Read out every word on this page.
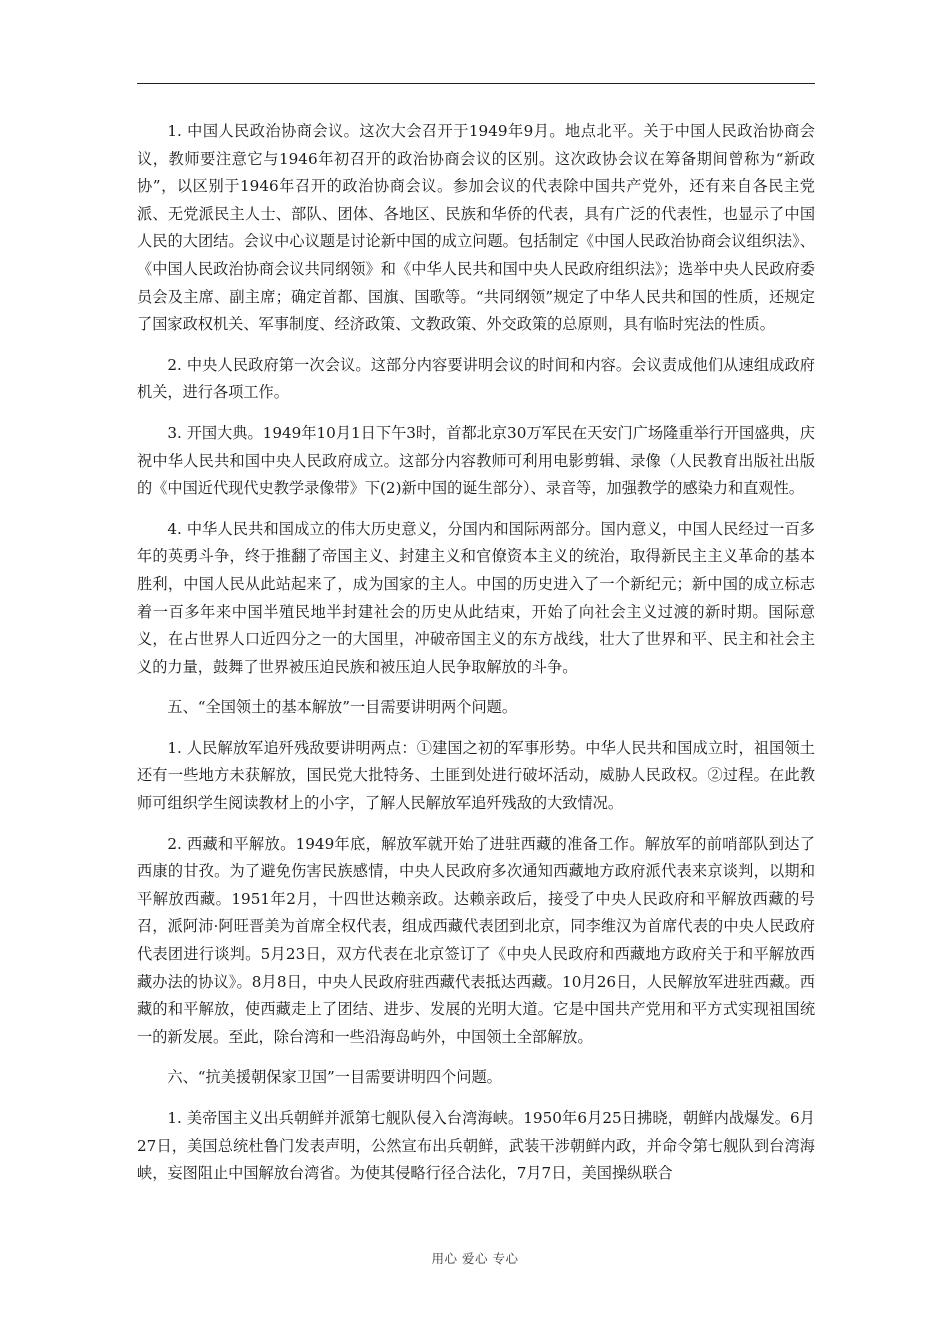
1. 中国人民政治协商会议。这次大会召开于1949年9月。地点北平。关于中国人民政治协商会议，教师要注意它与1946年初召开的政治协商会议的区别。这次政协会议在筹备期间曾称为“新政协”，以区别于1946年召开的政治协商会议。参加会议的代表除中国共产党外，还有来自各民主党派、无党派民主人士、部队、团体、各地区、民族和华侨的代表，具有广泛的代表性，也显示了中国人民的大团结。会议中心议题是讨论新中国的成立问题。包括制定《中国人民政治协商会议组织法》、《中国人民政治协商会议共同纲领》和《中华人民共和国中央人民政府组织法》；选举中央人民政府委员会及主席、副主席；确定首都、国旗、国歌等。“共同纲领”规定了中华人民共和国的性质，还规定了国家政权机关、军事制度、经济政策、文教政策、外交政策的总原则，具有临时宪法的性质。

2. 中央人民政府第一次会议。这部分内容要讲明会议的时间和内容。会议责成他们从速组成政府机关，进行各项工作。

3. 开国大典。1949年10月1日下午3时，首都北京30万军民在天安门广场隆重举行开国盛典，庆祝中华人民共和国中央人民政府成立。这部分内容教师可利用电影剪辑、录像（人民教育出版社出版的《中国近代现代史教学录像带》下(2)新中国的诞生部分）、录音等，加强教学的感染力和直观性。

4. 中华人民共和国成立的伟大历史意义，分国内和国际两部分。国内意义，中国人民经过一百多年的英勇斗争，终于推翻了帝国主义、封建主义和官僚资本主义的统治，取得新民主主义革命的基本胜利，中国人民从此站起来了，成为国家的主人。中国的历史进入了一个新纪元；新中国的成立标志着一百多年来中国半殖民地半封建社会的历史从此结束，开始了向社会主义过渡的新时期。国际意义，在占世界人口近四分之一的大国里，冲破帝国主义的东方战线，壮大了世界和平、民主和社会主义的力量，鼓舞了世界被压迫民族和被压迫人民争取解放的斗争。

五、“全国领土的基本解放”一目需要讲明两个问题。

1. 人民解放军追歼残敌要讲明两点：①建国之初的军事形势。中华人民共和国成立时，祖国领土还有一些地方未获解放，国民党大批特务、土匪到处进行破坏活动，威胁人民政权。②过程。在此教师可组织学生阅读教材上的小字，了解人民解放军追歼残敌的大致情况。

2. 西藏和平解放。1949年底，解放军就开始了进驻西藏的准备工作。解放军的前哨部队到达了西康的甘孜。为了避免伤害民族感情，中央人民政府多次通知西藏地方政府派代表来京谈判，以期和平解放西藏。1951年2月，十四世达赖亲政。达赖亲政后，接受了中央人民政府和平解放西藏的号召，派阿沛·阿旺晋美为首席全权代表，组成西藏代表团到北京，同李维汉为首席代表的中央人民政府代表团进行谈判。5月23日，双方代表在北京签订了《中央人民政府和西藏地方政府关于和平解放西藏办法的协议》。8月8日，中央人民政府驻西藏代表抵达西藏。10月26日，人民解放军进驻西藏。西藏的和平解放，使西藏走上了团结、进步、发展的光明大道。它是中国共产党用和平方式实现祖国统一的新发展。至此，除台湾和一些沿海岛屿外，中国领土全部解放。

六、“抗美援朝保家卫国”一目需要讲明四个问题。

1. 美帝国主义出兵朝鲜并派第七舰队侵入台湾海峡。1950年6月25日拂晓，朝鲜内战爆发。6月27日，美国总统杜鲁门发表声明，公然宣布出兵朝鲜，武装干涉朝鲜内政，并命令第七舰队到台湾海峡，妄图阻止中国解放台湾省。为使其侵略行径合法化，7月7日，美国操纵联合

用心 爱心 专心
